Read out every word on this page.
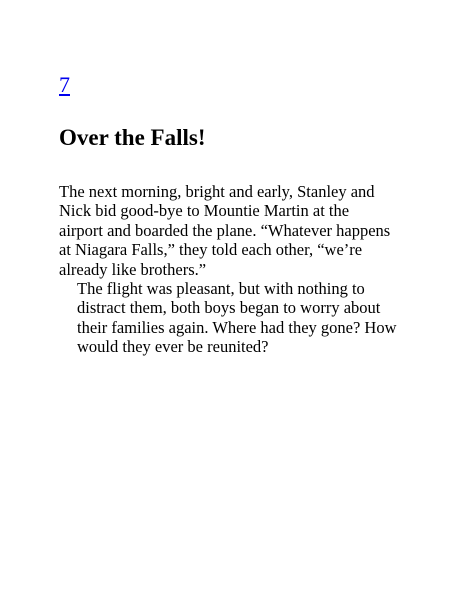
7
Over the Falls!

The next morning, bright and early, Stanley and
Nick bid good-bye to Mountie Martin at the
airport and boarded the plane. “Whatever happens
at Niagara Falls,” they told each other, “we’re
already like brothers.”

The flight was pleasant, but with nothing to
distract them, both boys began to worry about
their families again. Where had they gone? How
would they ever be reunited?
